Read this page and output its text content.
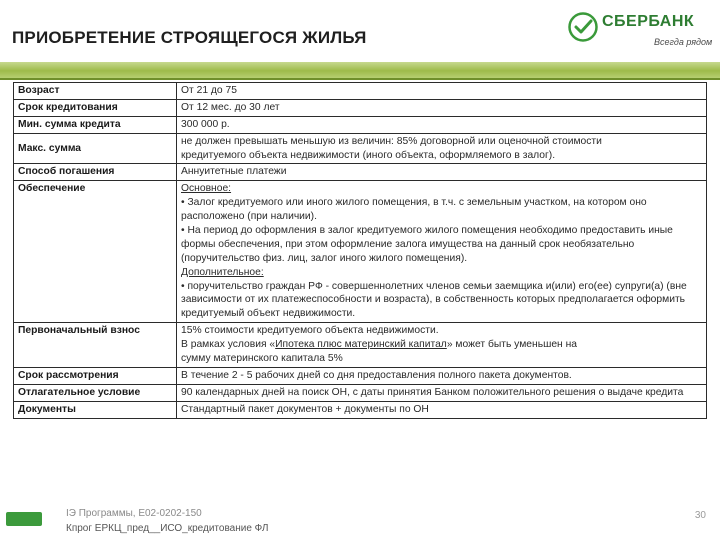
ПРИОБРЕТЕНИЕ СТРОЯЩЕГОСЯ ЖИЛЬЯ
СБЕРБАНК
Всегда рядом
Возраст	От 21 до 75
Срок кредитования	От 12 мес. до 30 лет
Мин. сумма кредита	300 000 р.
Макс. сумма	не должен превышать меньшую из величин: 85% договорной или оценочной стоимости
кредитуемого объекта недвижимости (иного объекта, оформляемого в залог).

Способ погашения	Аннуитетные платежи
Обеспечение	Основное:
• Залог кредитуемого или иного жилого помещения, в т.ч. с земельным участком, на котором оно расположено (при наличии).
• На период до оформления в залог кредитуемого жилого помещения необходимо предоставить иные формы обеспечения, при этом оформление залога имущества на данный срок необязательно (поручительство физ. лиц, залог иного жилого помещения).
Дополнительное:
• поручительство граждан РФ - совершеннолетних членов семьи заемщика и(или) его(ее) супруги(а) (вне зависимости от их платежеспособности и возраста), в собственность которых предполагается оформить кредитуемый объект недвижимости.

Первоначальный взнос	15% стоимости кредитуемого объекта недвижимости.
В рамках условия «Ипотека плюс материнский капитал» может быть уменьшен на
сумму материнского капитала 5%

Срок рассмотрения	В течение 2 - 5 рабочих дней со дня предоставления полного пакета документов.
Отлагательное условие	90 календарных дней на поиск ОН, с даты принятия Банком положительного решения о выдаче кредита
Документы	Стандартный пакет документов + документы по ОН
ІЭ Программы, Е02-0202-150
Кпрог ЕРКЦ_пред__ИСО_кредитование ФЛ
30
